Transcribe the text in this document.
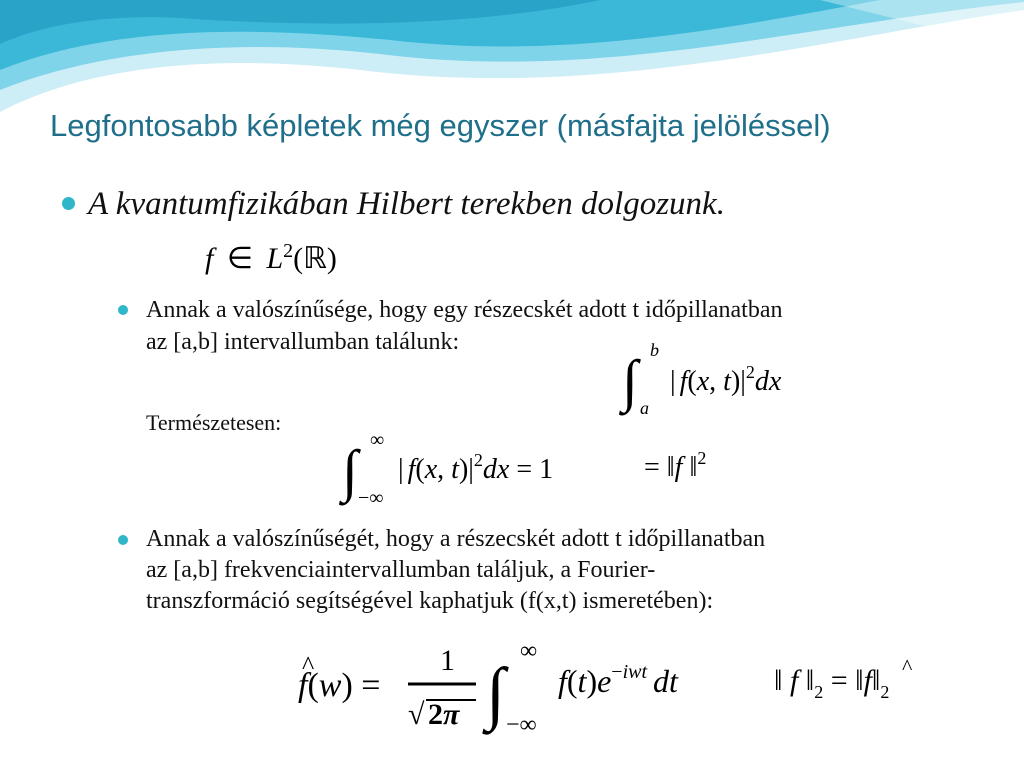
Legfontosabb képletek még egyszer (másfajta jelöléssel)
A kvantumfizikában Hilbert terekben dolgozunk.
f ∈ $L^2(ℝ)$
Annak a valószínűsége, hogy egy részecskét adott t időpillanatban
az [a,b] intervallumban találunk:
∫ b
a
| f(x, $t)|^2dx$
Természetesen:
∫ ∞
−∞
| f(x, $t)|^2dx = 1$	= ‖f ‖$^2$
Annak a valószínűségét, hogy a részecskét adott t időpillanatban
az [a,b] frekvenciaintervallumban találjuk, a Fourier-
transzformáció segítségével kaphatjuk (f(x,t) ismeretében):
f(w) =
^	1
√ 2π ∫
∞
−∞
f(t)e−iwt dt	‖ f $‖_2$ = $‖f‖_2$
^
